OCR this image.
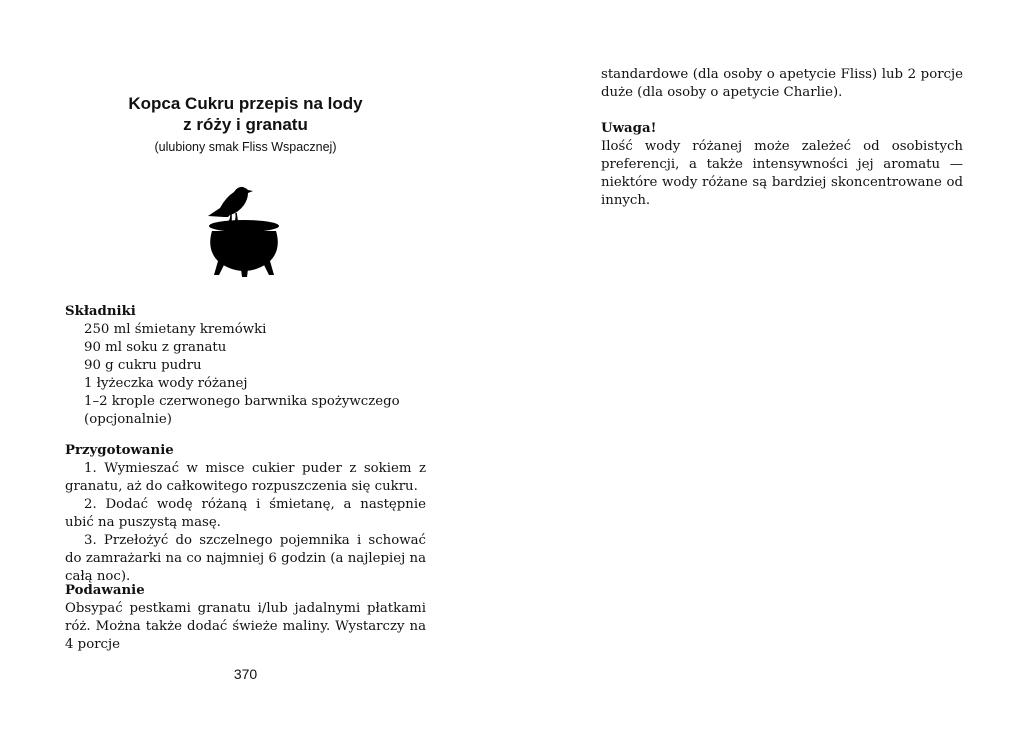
Kopca Cukru przepis na lody
z róży i granatu
(ulubiony smak Fliss Wspacznej)

Składniki

250 ml śmietany kremówki

90 ml soku z granatu

90 g cukru pudru

1 łyżeczka wody różanej

1–2 krople czerwonego barwnika spożywczego

(opcjonalnie)

Przygotowanie

1. Wymieszać w misce cukier puder z sokiem z granatu, aż do całkowitego rozpuszczenia się cukru.

2. Dodać wodę różaną i śmietanę, a następnie ubić na puszystą masę.

3. Przełożyć do szczelnego pojemnika i schować do zamrażarki na co najmniej 6 godzin (a najlepiej na całą noc).

Podawanie

Obsypać pestkami granatu i/lub jadalnymi płatkami róż. Można także dodać świeże maliny. Wystarczy na 4 porcje

370

standardowe (dla osoby o apetycie Fliss) lub 2 porcje duże (dla osoby o apetycie Charlie).

Uwaga!

Ilość wody różanej może zależeć od osobistych preferencji, a także intensywności jej aromatu — niektóre wody różane są bardziej skoncentrowane od innych.
